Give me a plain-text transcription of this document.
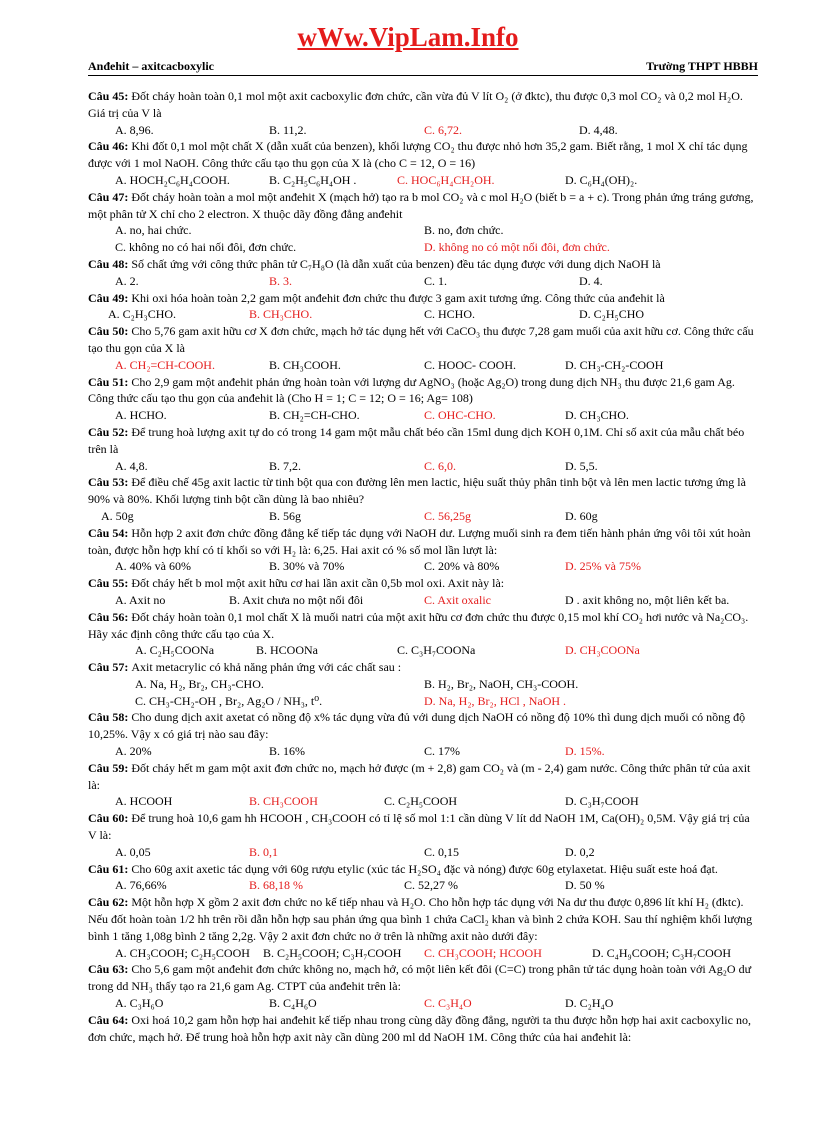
wWw.VipLam.Info
Anđehit – axitcacboxylic	Trường THPT HBBH

Câu 45: Đốt cháy hoàn toàn 0,1 mol một axit cacboxylic đơn chức, cần vừa đủ V lít O₂ (ở đktc), thu được 0,3 mol CO₂ và 0,2 mol H₂O. Giá trị của V là

A. 8,96.	B. 11,2.	C. 6,72.	D. 4,48.

Câu 46: Khi đốt 0,1 mol một chất X (dẫn xuất của benzen), khối lượng CO₂ thu được nhỏ hơn 35,2 gam. Biết rằng, 1 mol X chỉ tác dụng được với 1 mol NaOH. Công thức cấu tạo thu gọn của X là (cho C = 12, O = 16)

A. HOCH₂C₆H₄COOH.	B. C₂H₅C₆H₄OH .	C. HOC₆H₄CH₂OH.	D. C₆H₄(OH)₂.

Câu 47: Đốt cháy hoàn toàn a mol một anđehit X (mạch hở) tạo ra b mol CO₂ và c mol H₂O (biết b = a + c). Trong phản ứng tráng gương, một phân tử X chỉ cho 2 electron. X thuộc dãy đồng đẳng anđehit

A. no, hai chức.	B. no, đơn chức.
C. không no có hai nối đôi, đơn chức.	D. không no có một nối đôi, đơn chức.

Câu 48: Số chất ứng với công thức phân tử C₇H₈O (là dẫn xuất của benzen) đều tác dụng được với dung dịch NaOH là

A. 2.	B. 3.	C. 1.	D. 4.

Câu 49: Khi oxi hóa hoàn toàn 2,2 gam một anđehit đơn chức thu được 3 gam axit tương ứng. Công thức của anđehit là

A. C₂H₃CHO.	B. CH₃CHO.	C. HCHO.	D. C₂H₅CHO

Câu 50: Cho 5,76 gam axit hữu cơ X đơn chức, mạch hở tác dụng hết với CaCO₃ thu được 7,28 gam muối của axit hữu cơ. Công thức cấu tạo thu gọn của X là

A. CH₂=CH-COOH.	B. CH₃COOH.	C. HOOC- COOH.	D. CH₃-CH₂-COOH

Câu 51: Cho 2,9 gam một anđehit phản ứng hoàn toàn với lượng dư AgNO₃ (hoặc Ag₂O) trong dung dịch NH₃ thu được 21,6 gam Ag. Công thức cấu tạo thu gọn của anđehit là (Cho H = 1; C = 12; O = 16; Ag= 108)

A. HCHO.	B. CH₂=CH-CHO.	C. OHC-CHO.	D. CH₃CHO.

Câu 52: Để trung hoà lượng axit tự do có trong 14 gam một mẫu chất béo cần 15ml dung dịch KOH 0,1M. Chỉ số axit của mẫu chất béo trên là

A. 4,8.	B. 7,2.	C. 6,0.	D. 5,5.

Câu 53: Để điều chế 45g axit lactic từ tinh bột qua con đường lên men lactic, hiệu suất thủy phân tinh bột và lên men lactic tương ứng là 90% và 80%. Khối lượng tinh bột cần dùng là bao nhiêu?

A. 50g	B. 56g	C. 56,25g	D. 60g

Câu 54: Hỗn hợp 2 axit đơn chức đồng đẳng kế tiếp tác dụng với NaOH dư. Lượng muối sinh ra đem tiến hành phản ứng vôi tôi xút hoàn toàn, được hỗn hợp khí có tỉ khối so với H₂ là: 6,25. Hai axit có % số mol lần lượt là:

A. 40% và 60%	B. 30% và 70%	C. 20% và 80%	D. 25% và 75%

Câu 55: Đốt cháy hết b mol một axit hữu cơ hai lần axit cần 0,5b mol oxi. Axit này là:

A. Axit no	B. Axit chưa no một nối đôi	C. Axit oxalic	D . axit không no, một liên kết ba.

Câu 56: Đốt cháy hoàn toàn 0,1 mol chất X là muối natri của một axit hữu cơ đơn chức thu được 0,15 mol khí CO₂ hơi nước và Na₂CO₃. Hãy xác định công thức cấu tạo của X.

A. C₂H₅COONa	B. HCOONa	C. C₃H₇COONa	D. CH₃COONa

Câu 57: Axit metacrylic có khả năng phản ứng với các chất sau :

A. Na, H₂, Br₂, CH₃-CHO.	B. H₂, Br₂, NaOH, CH₃-COOH.
C. CH₃-CH₂-OH , Br₂, Ag₂O / NH₃, t⁰.	D. Na, H₂, Br₂, HCl , NaOH .

Câu 58: Cho dung dịch axit axetat có nồng độ x% tác dụng vừa đủ với dung dịch NaOH có nồng độ 10% thì dung dịch muối có nồng độ 10,25%. Vậy x có giá trị nào sau đây:

A. 20%	B. 16%	C. 17%	D. 15%.

Câu 59: Đốt cháy hết m gam một axit đơn chức no, mạch hở được (m + 2,8) gam CO₂ và (m - 2,4) gam nước. Công thức phân tử của axit là:

A. HCOOH	B. CH₃COOH	C. C₂H₅COOH	D. C₃H₇COOH

Câu 60: Để trung hoà 10,6 gam hh HCOOH , CH₃COOH có tỉ lệ số mol 1:1 cần dùng V lít dd NaOH 1M, Ca(OH)₂ 0,5M. Vậy giá trị của V là:

A. 0,05	B. 0,1	C. 0,15	D. 0,2

Câu 61: Cho 60g axit axetic tác dụng với 60g rượu etylic (xúc tác H₂SO₄ đặc và nóng) được 60g etylaxetat. Hiệu suất este hoá đạt.

A. 76,66%	B. 68,18 %	C. 52,27 %	D. 50 %

Câu 62: Một hỗn hợp X gồm 2 axit đơn chức no kế tiếp nhau và H₂O. Cho hỗn hợp tác dụng với Na dư thu được 0,896 lít khí H₂ (đktc). Nếu đốt hoàn toàn 1/2 hh trên rồi dẫn hỗn hợp sau phản ứng qua bình 1 chứa CaCl₂ khan và bình 2 chứa KOH. Sau thí nghiệm khối lượng bình 1 tăng 1,08g bình 2 tăng 2,2g. Vậy 2 axit đơn chức no ở trên là những axit nào dưới đây:

A. CH₃COOH; C₂H₅COOH B. C₂H₅COOH; C₃H₇COOH C. CH₃COOH; HCOOH	D. C₄H₉COOH; C₃H₇COOH

Câu 63: Cho 5,6 gam một anđehit đơn chức không no, mạch hở, có một liên kết đôi (C=C) trong phân tử tác dụng hoàn toàn với Ag₂O dư trong dd NH₃ thấy tạo ra 21,6 gam Ag. CTPT của anđehit trên là:

A. C₃H₆O	B. C₄H₆O	C. C₃H₄O	D. C₂H₄O

Câu 64: Oxi hoá 10,2 gam hỗn hợp hai anđehit kế tiếp nhau trong cùng dãy đồng đẳng, người ta thu được hỗn hợp hai axit cacboxylic no, đơn chức, mạch hở. Để trung hoà hỗn hợp axit này cần dùng 200 ml dd NaOH 1M. Công thức của hai anđehit là:
